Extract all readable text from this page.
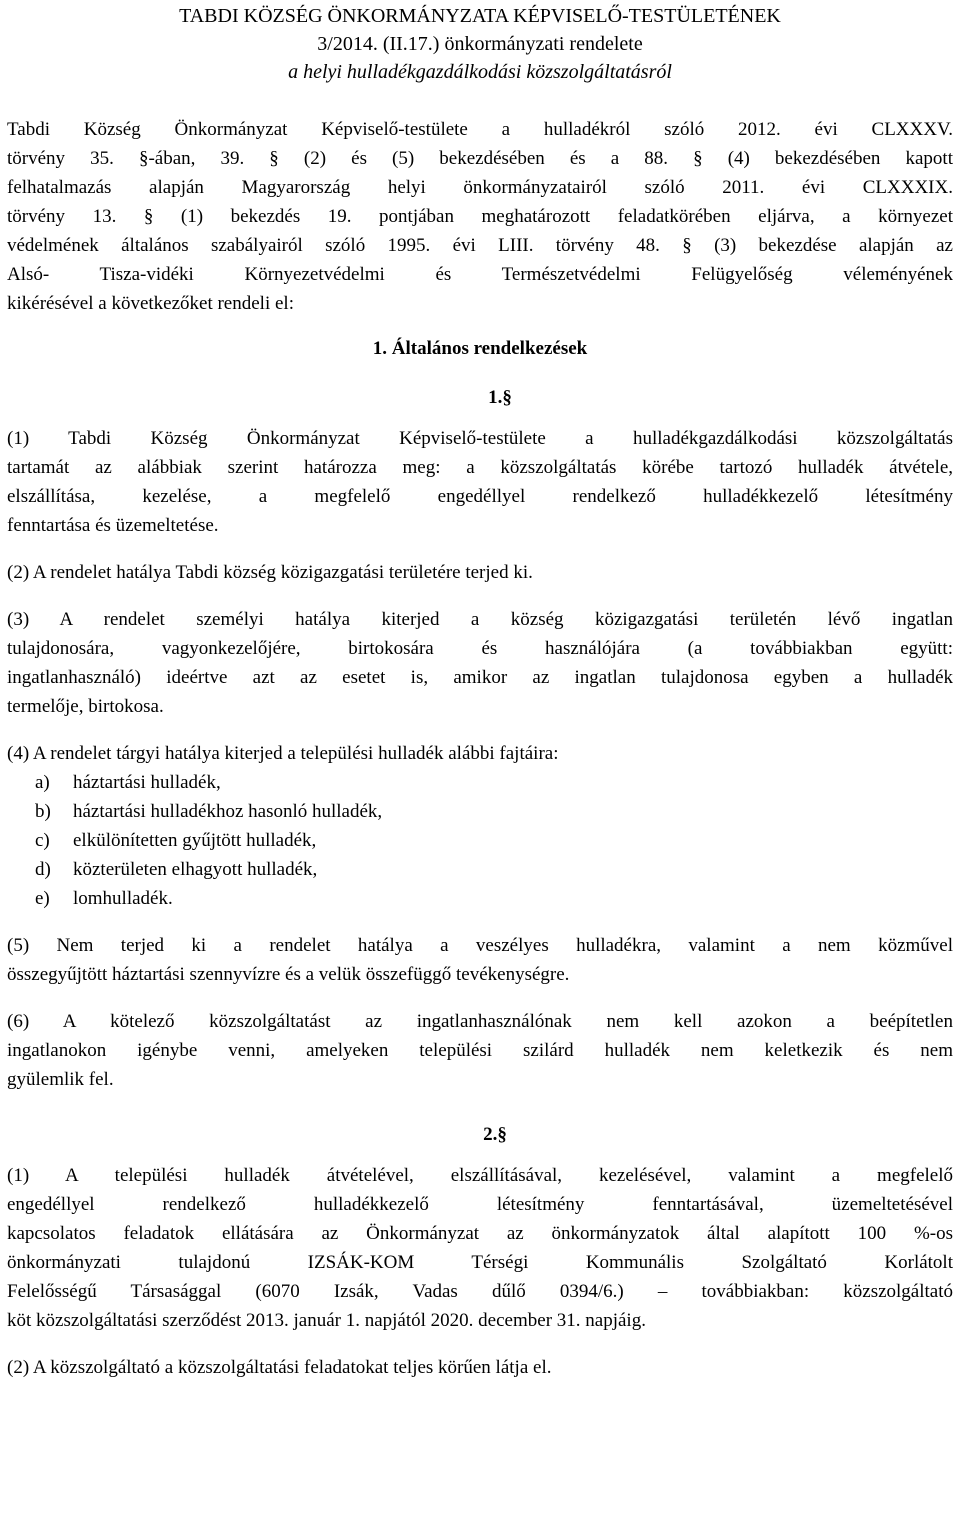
TABDI KÖZSÉG ÖNKORMÁNYZATA KÉPVISELŐ-TESTÜLETÉNEK
3/2014. (II.17.) önkormányzati rendelete
a helyi hulladékgazdálkodási közszolgáltatásról
Tabdi Község Önkormányzat Képviselő-testülete a hulladékról szóló 2012. évi CLXXXV.
törvény 35. §-ában, 39. § (2) és (5) bekezdésében és a 88. § (4) bekezdésében kapott
felhatalmazás alapján Magyarország helyi önkormányzatairól szóló 2011. évi CLXXXIX.
törvény 13. § (1) bekezdés 19. pontjában meghatározott feladatkörében eljárva, a környezet
védelmének általános szabályairól szóló 1995. évi LIII. törvény 48. § (3) bekezdése alapján az
Alsó- Tisza-vidéki Környezetvédelmi és Természetvédelmi Felügyelőség véleményének
kikérésével a következőket rendeli el:

1. Általános rendelkezések

1.§

(1) Tabdi Község Önkormányzat Képviselő-testülete a hulladékgazdálkodási közszolgáltatás
tartamát az alábbiak szerint határozza meg: a közszolgáltatás körébe tartozó hulladék átvétele,
elszállítása, kezelése, a megfelelő engedéllyel rendelkező hulladékkezelő létesítmény
fenntartása és üzemeltetése.

(2) A rendelet hatálya Tabdi község közigazgatási területére terjed ki.

(3) A rendelet személyi hatálya kiterjed a község közigazgatási területén lévő ingatlan
tulajdonosára, vagyonkezelőjére, birtokosára és használójára (a továbbiakban együtt:
ingatlanhasználó) ideértve azt az esetet is, amikor az ingatlan tulajdonosa egyben a hulladék
termelője, birtokosa.

(4) A rendelet tárgyi hatálya kiterjed a települési hulladék alábbi fajtáira:

a)	háztartási hulladék,
b)	háztartási hulladékhoz hasonló hulladék,
c)	elkülönítetten gyűjtött hulladék,
d)	közterületen elhagyott hulladék,
e)	lomhulladék.
(5) Nem terjed ki a rendelet hatálya a veszélyes hulladékra, valamint a nem közművel
összegyűjtött háztartási szennyvízre és a velük összefüggő tevékenységre.
(6) A kötelező közszolgáltatást az ingatlanhasználónak nem kell azokon a beépítetlen
ingatlanokon igénybe venni, amelyeken települési szilárd hulladék nem keletkezik és nem
gyülemlik fel.

2.§

(1) A települési hulladék átvételével, elszállításával, kezelésével, valamint a megfelelő
engedéllyel rendelkező hulladékkezelő létesítmény fenntartásával, üzemeltetésével
kapcsolatos feladatok ellátására az Önkormányzat az önkormányzatok által alapított 100 %-os
önkormányzati tulajdonú IZSÁK-KOM Térségi Kommunális Szolgáltató Korlátolt
Felelősségű Társasággal (6070 Izsák, Vadas dűlő 0394/6.) – továbbiakban: közszolgáltató
köt közszolgáltatási szerződést 2013. január 1. napjától 2020. december 31. napjáig.

(2) A közszolgáltató a közszolgáltatási feladatokat teljes körűen látja el.
